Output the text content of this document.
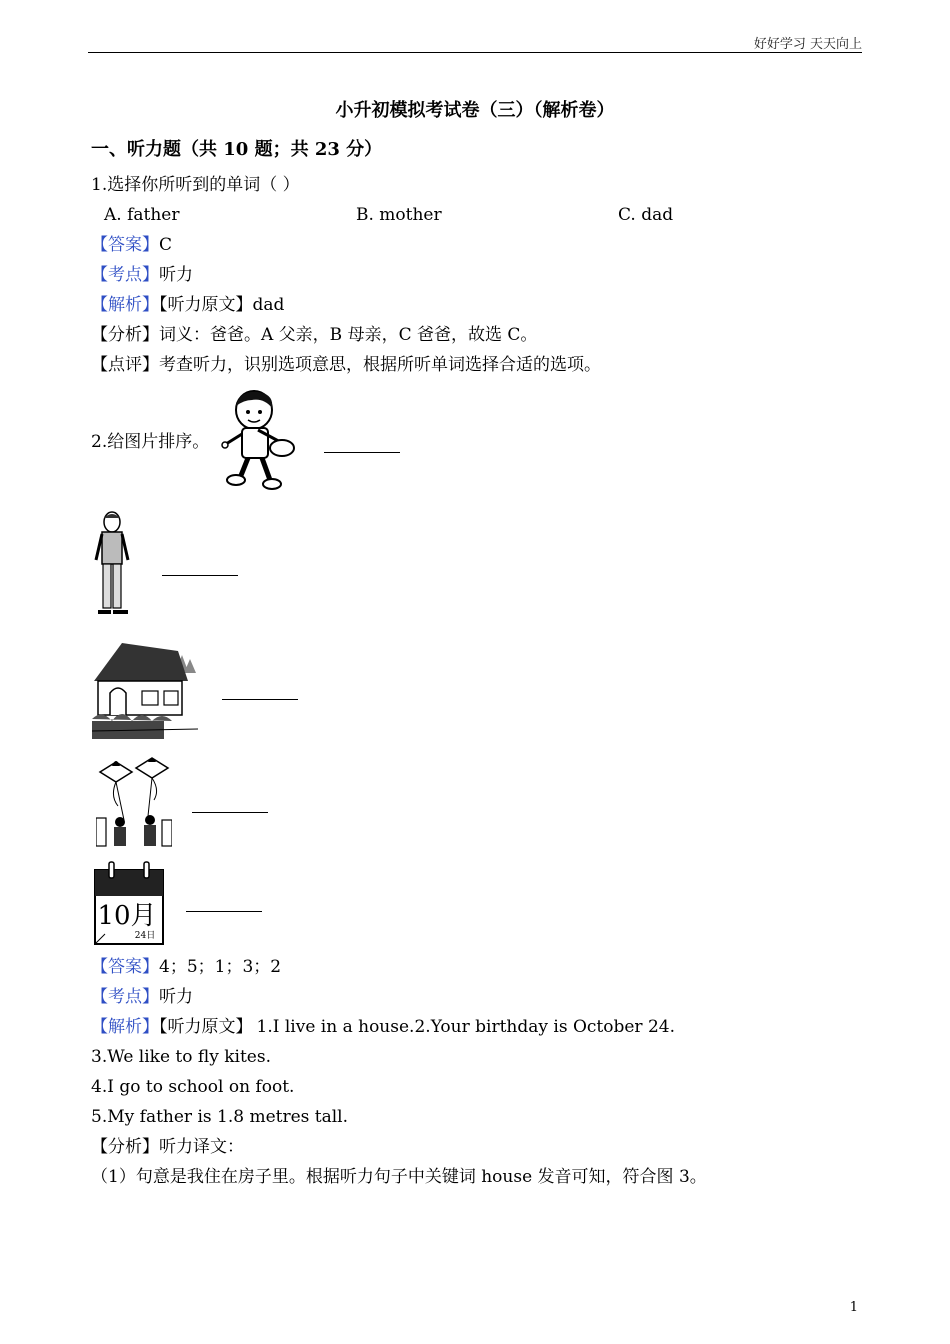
好好学习 天天向上
小升初模拟考试卷（三）（解析卷）
一、听力题（共 10 题；共 23 分）
1.选择你所听到的单词（ ）
A. father	B. mother	C. dad
【答案】C
【考点】听力
【解析】【听力原文】dad
【分析】词义：爸爸。A 父亲，B 母亲，C 爸爸，故选 C。
【点评】考查听力，识别选项意思，根据所听单词选择合适的选项。
2.给图片排序。
10月
24日
【答案】4；5；1；3；2
【考点】听力
【解析】【听力原文】 1.I live in a house.2.Your birthday is October 24.
3.We like to fly kites.
4.I go to school on foot.
5.My father is 1.8 metres tall.
【分析】听力译文：
（1）句意是我住在房子里。根据听力句子中关键词 house 发音可知，符合图 3。
1
